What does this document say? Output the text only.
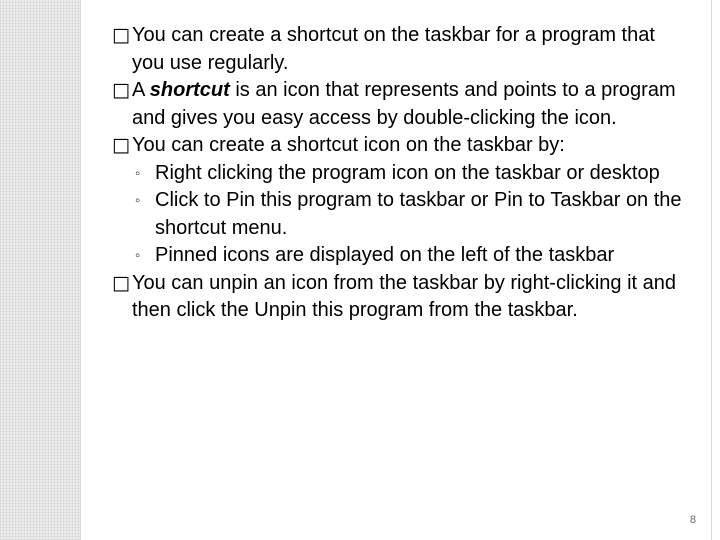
□ You can create a shortcut on the taskbar for a program that you use regularly.

□ A shortcut is an icon that represents and points to a program and gives you easy access by double-clicking the icon.

□ You can create a shortcut icon on the taskbar by:

◦ Right clicking the program icon on the taskbar or desktop

◦ Click to Pin this program to taskbar or Pin to Taskbar on the shortcut menu.

◦ Pinned icons are displayed on the left of the taskbar

□ You can unpin an icon from the taskbar by right-clicking it and then click the Unpin this program from the taskbar.

8
